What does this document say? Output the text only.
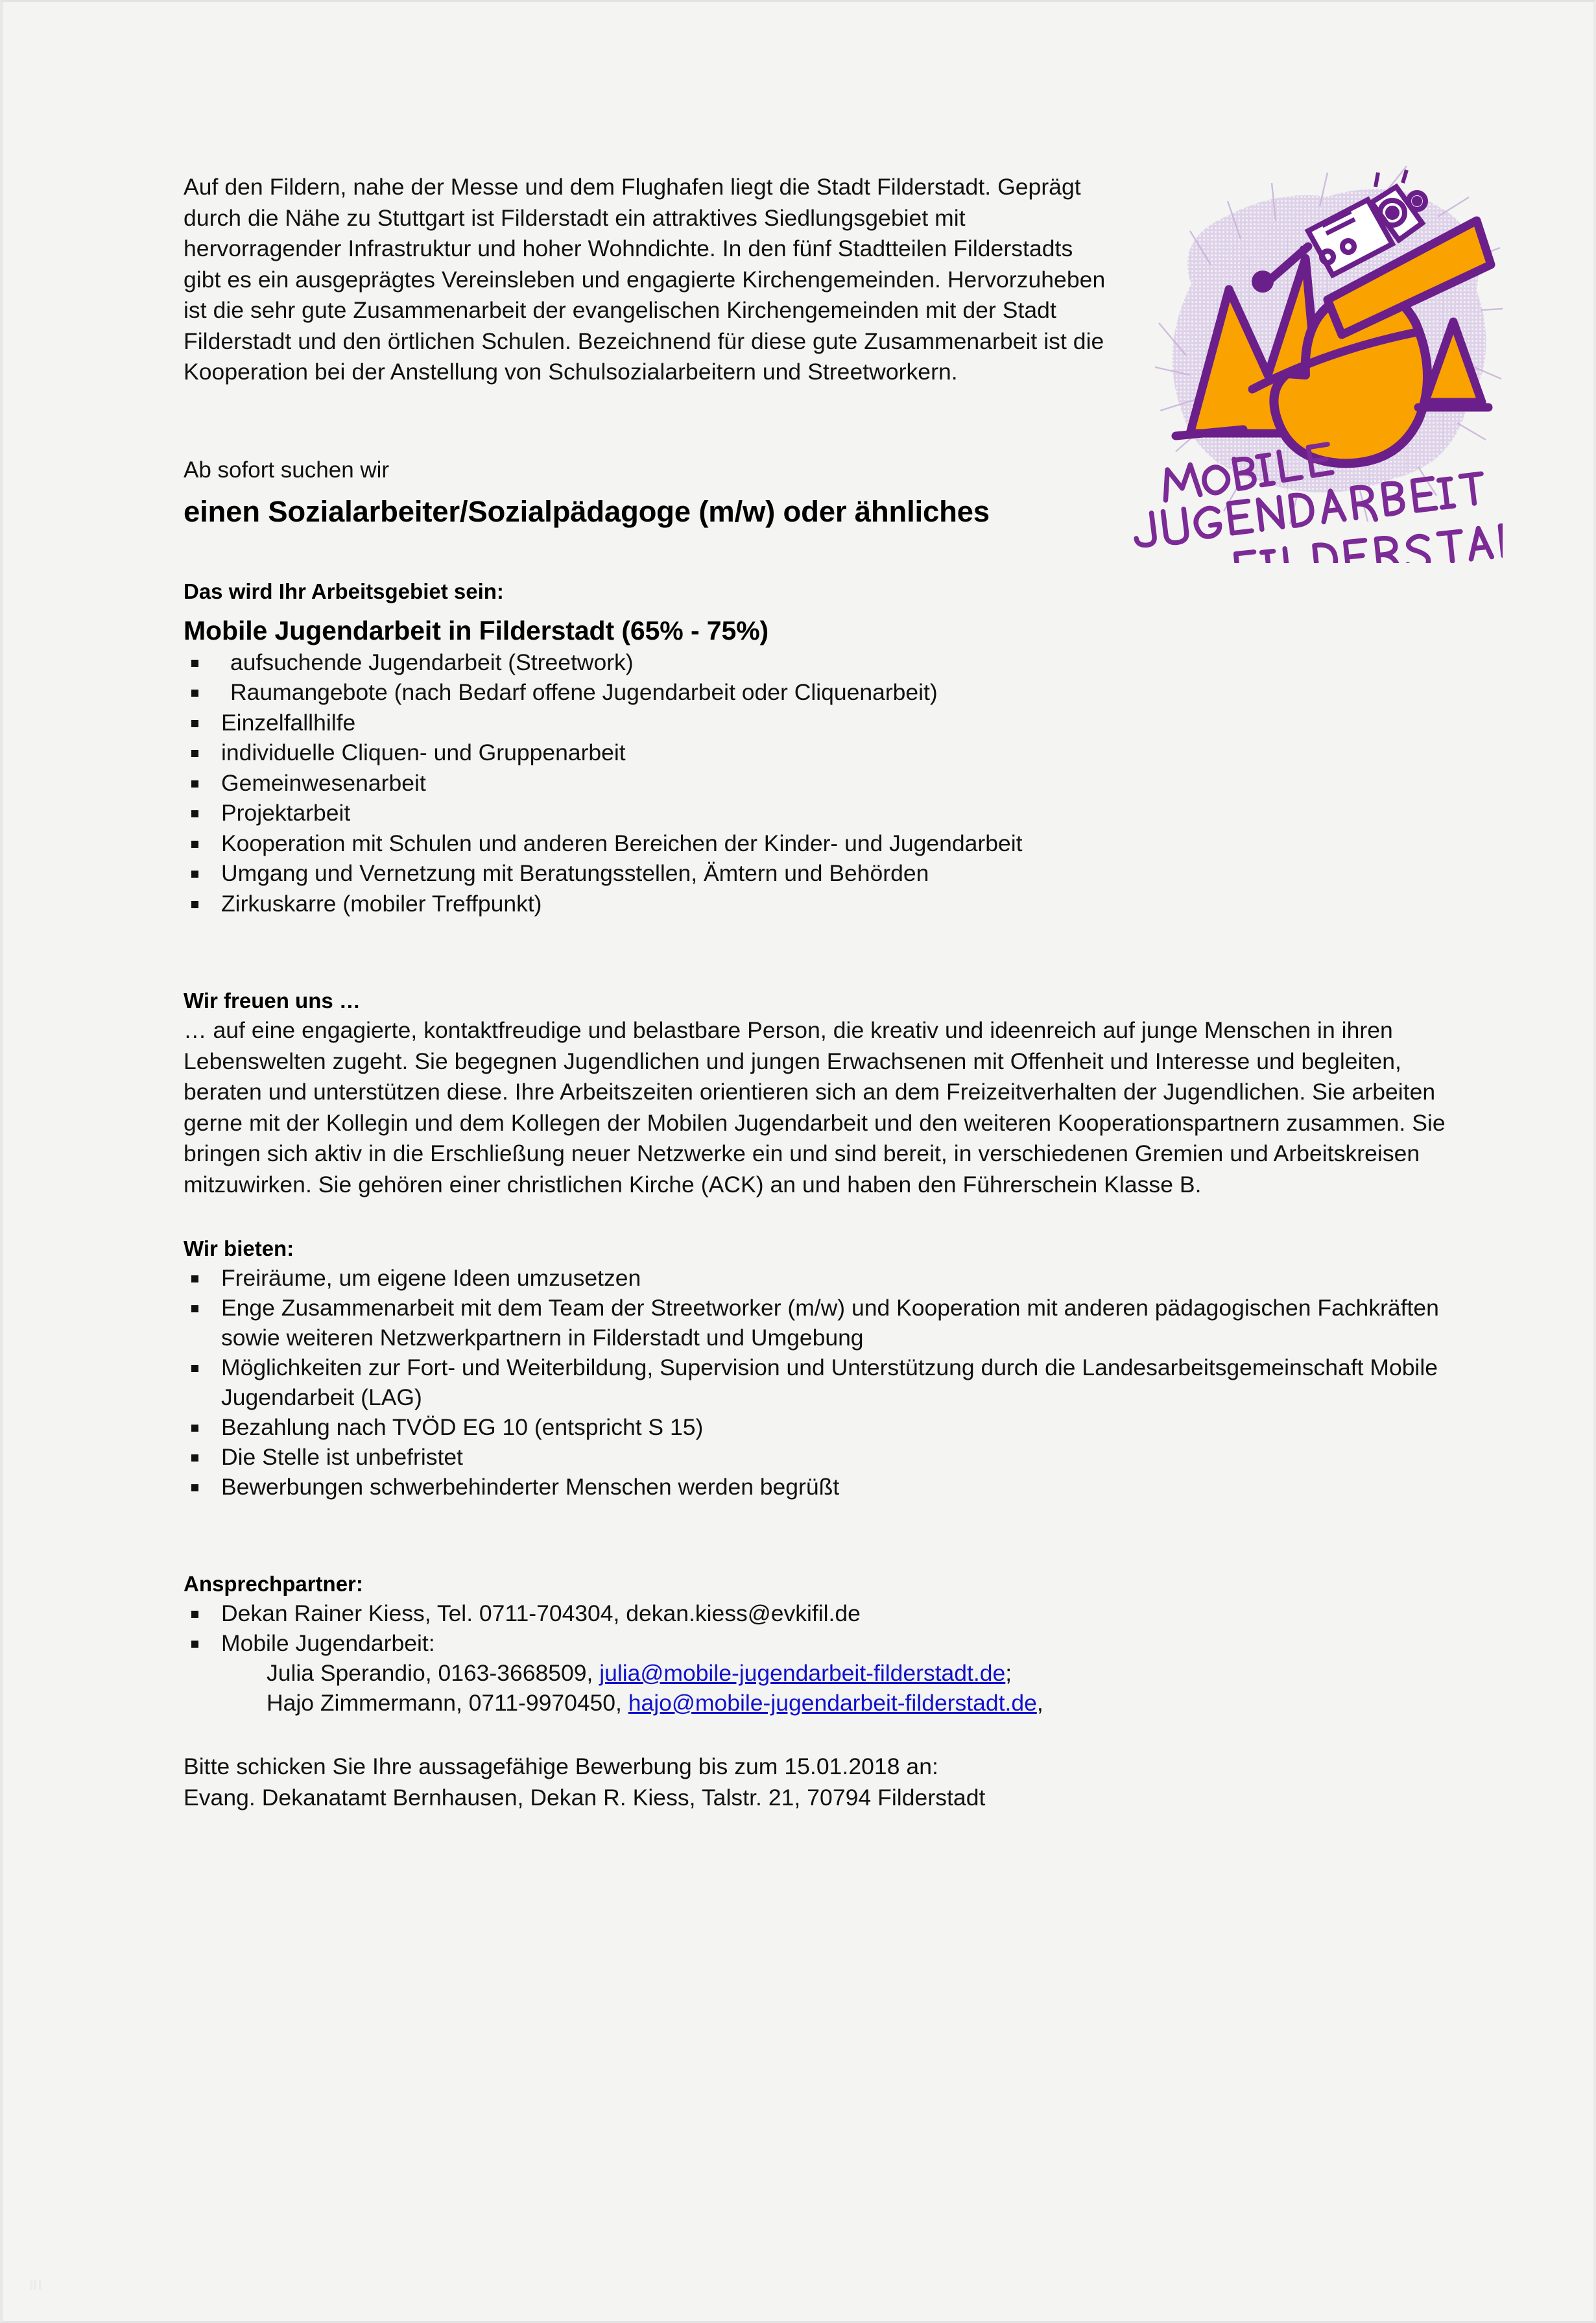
Auf den Fildern, nahe der Messe und dem Flughafen liegt die Stadt Filderstadt. Geprägt durch die Nähe zu Stuttgart ist Filderstadt ein attraktives Siedlungsgebiet mit hervorragender Infrastruktur und hoher Wohndichte. In den fünf Stadtteilen Filderstadts gibt es ein ausgeprägtes Vereinsleben und engagierte Kirchengemeinden. Hervorzuheben ist die sehr gute Zusammenarbeit der evangelischen Kirchengemeinden mit der Stadt Filderstadt und den örtlichen Schulen. Bezeichnend für diese gute Zusammenarbeit ist die Kooperation bei der Anstellung von Schulsozialarbeitern und Streetworkern.

Ab sofort suchen wir
einen Sozialarbeiter/Sozialpädagoge (m/w) oder ähnliches
Das wird Ihr Arbeitsgebiet sein:
Mobile Jugendarbeit in Filderstadt (65% - 75%)
aufsuchende Jugendarbeit (Streetwork)
Raumangebote (nach Bedarf offene Jugendarbeit oder Cliquenarbeit)
Einzelfallhilfe
individuelle Cliquen- und Gruppenarbeit
Gemeinwesenarbeit
Projektarbeit
Kooperation mit Schulen und anderen Bereichen der Kinder- und Jugendarbeit
Umgang und Vernetzung mit Beratungsstellen, Ämtern und Behörden
Zirkuskarre (mobiler Treffpunkt)
Wir freuen uns …

… auf eine engagierte, kontaktfreudige und belastbare Person, die kreativ und ideenreich auf junge Menschen in ihren Lebenswelten zugeht. Sie begegnen Jugendlichen und jungen Erwachsenen mit Offenheit und Interesse und begleiten, beraten und unterstützen diese. Ihre Arbeitszeiten orientieren sich an dem Freizeitverhalten der Jugendlichen. Sie arbeiten gerne mit der Kollegin und dem Kollegen der Mobilen Jugendarbeit und den weiteren Kooperationspartnern zusammen. Sie bringen sich aktiv in die Erschließung neuer Netzwerke ein und sind bereit, in verschiedenen Gremien und Arbeitskreisen mitzuwirken. Sie gehören einer christlichen Kirche (ACK) an und haben den Führerschein Klasse B.

Wir bieten:
Freiräume, um eigene Ideen umzusetzen
Enge Zusammenarbeit mit dem Team der Streetworker (m/w) und Kooperation mit anderen pädagogischen Fachkräften sowie weiteren Netzwerkpartnern in Filderstadt und Umgebung
Möglichkeiten zur Fort- und Weiterbildung, Supervision und Unterstützung durch die Landesarbeitsgemeinschaft Mobile Jugendarbeit (LAG)
Bezahlung nach TVÖD EG 10 (entspricht S 15)
Die Stelle ist unbefristet
Bewerbungen schwerbehinderter Menschen werden begrüßt
Ansprechpartner:
Dekan Rainer Kiess, Tel. 0711-704304, dekan.kiess@evkifil.de
Mobile Jugendarbeit:
Julia Sperandio, 0163-3668509, julia@mobile-jugendarbeit-filderstadt.de;
Hajo Zimmermann, 0711-9970450, hajo@mobile-jugendarbeit-filderstadt.de,
Bitte schicken Sie Ihre aussagefähige Bewerbung bis zum 15.01.2018 an:
Evang. Dekanatamt Bernhausen, Dekan R. Kiess, Talstr. 21, 70794 Filderstadt
